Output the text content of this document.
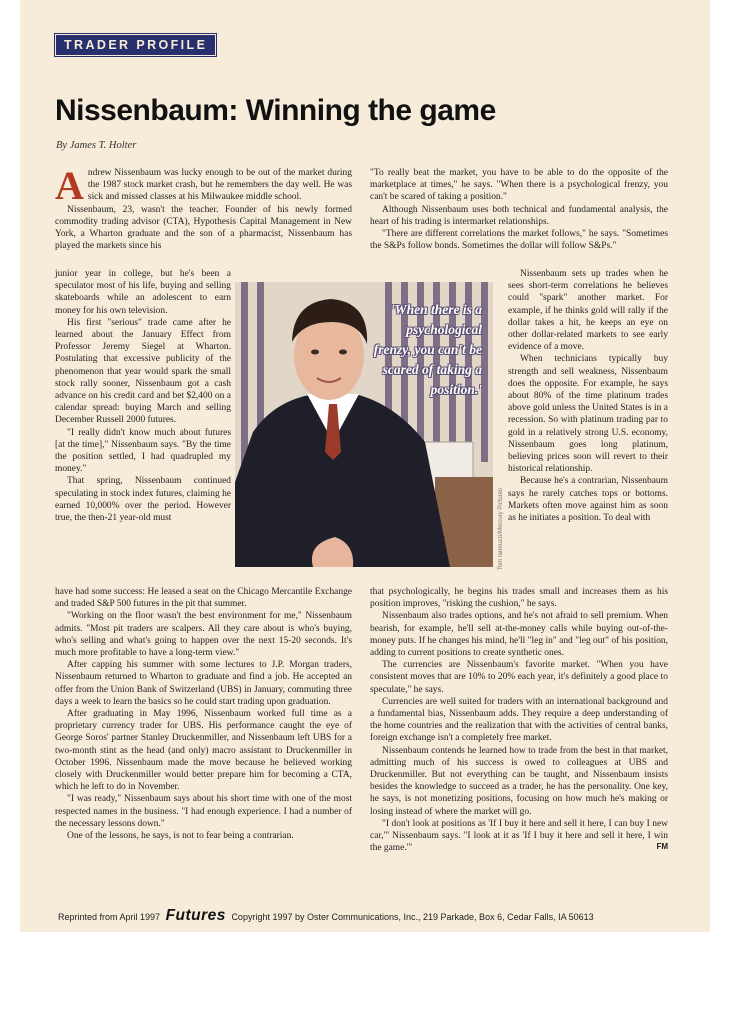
TRADER PROFILE
Nissenbaum: Winning the game
By James T. Holter

Andrew Nissenbaum was lucky enough to be out of the market during the 1987 stock market crash, but he remembers the day well. He was sick and missed classes at his Milwaukee middle school.

Nissenbaum, 23, wasn't the teacher. Founder of his newly formed commodity trading advisor (CTA), Hypothesis Capital Management in New York, a Wharton graduate and the son of a pharmacist, Nissenbaum has played the markets since his

junior year in college, but he's been a speculator most of his life, buying and selling skateboards while an adolescent to earn money for his own television.

His first "serious" trade came after he learned about the January Effect from Professor Jeremy Siegel at Wharton. Postulating that excessive publicity of the phenomenon that year would spark the small stock rally sooner, Nissenbaum got a cash advance on his credit card and bet $2,400 on a calendar spread: buying March and selling December Russell 2000 futures.

"I really didn't know much about futures [at the time]," Nissenbaum says. "By the time the position settled, I had quadrupled my money."

That spring, Nissenbaum continued speculating in stock index futures, claiming he earned 10,000% over the period. However true, the then-21 year-old must

have had some success: He leased a seat on the Chicago Mercantile Exchange and traded S&P 500 futures in the pit that summer.

"Working on the floor wasn't the best environment for me," Nissenbaum admits. "Most pit traders are scalpers. All they care about is who's buying, who's selling and what's going to happen over the next 15-20 seconds. It's much more profitable to have a long-term view."

After capping his summer with some lectures to J.P. Morgan traders, Nissenbaum returned to Wharton to graduate and find a job. He accepted an offer from the Union Bank of Switzerland (UBS) in January, commuting three days a week to learn the basics so he could start trading upon graduation.

After graduating in May 1996, Nissenbaum worked full time as a proprietary currency trader for UBS. His performance caught the eye of George Soros' partner Stanley Druckenmiller, and Nissenbaum left UBS for a two-month stint as the head (and only) macro assistant to Druckenmiller in October 1996. Nissenbaum made the move because he believed working closely with Druckenmiller would better prepare him for becoming a CTA, which he left to do in November.

"I was ready," Nissenbaum says about his short time with one of the most respected names in the business. "I had enough experience. I had a number of the necessary lessons down."

One of the lessons, he says, is not to fear being a contrarian.

"To really beat the market, you have to be able to do the opposite of the marketplace at times," he says. "When there is a psychological frenzy, you can't be scared of taking a position."

Although Nissenbaum uses both technical and fundamental analysis, the heart of his trading is intermarket relationships.

"There are different correlations the market follows," he says. "Sometimes the S&Ps follow bonds. Sometimes the dollar will follow S&Ps."

Nissenbaum sets up trades when he sees short-term correlations he believes could "spark" another market. For example, if he thinks gold will rally if the dollar takes a hit, he keeps an eye on other dollar-related markets to see early evidence of a move.

When technicians typically buy strength and sell weakness, Nissenbaum does the opposite. For example, he says about 80% of the time platinum trades above gold unless the United States is in a recession. So with platinum trading par to gold in a relatively strong U.S. economy, Nissenbaum goes long platinum, believing prices soon will revert to their historical relationship.

Because he's a contrarian, Nissenbaum says he rarely catches tops or bottoms. Markets often move against him as soon as he initiates a position. To deal with

that psychologically, he begins his trades small and increases them as his position improves, "risking the cushion," he says.

Nissenbaum also trades options, and he's not afraid to sell premium. When bearish, for example, he'll sell at-the-money calls while buying out-of-the-money puts. If he changes his mind, he'll "leg in" and "leg out" of his position, adding to current positions to create synthetic ones.

The currencies are Nissenbaum's favorite market. "When you have consistent moves that are 10% to 20% each year, it's definitely a good place to speculate," he says.

Currencies are well suited for traders with an international background and a fundamental bias, Nissenbaum adds. They require a deep understanding of the home countries and the realization that with the activities of central banks, foreign exchange isn't a completely free market.

Nissenbaum contends he learned how to trade from the best in that market, admitting much of his success is owed to colleagues at UBS and Druckenmiller. But not everything can be taught, and Nissenbaum insists besides the knowledge to succeed as a trader, he has the personality. One key, he says, is not monetizing positions, focusing on how much he's making or losing instead of where the market will go.

"I don't look at positions as 'If I buy it here and sell it here, I can buy I new car,'" Nissenbaum says. "I look at it as 'If I buy it here and sell it here, I win the game.'"	FM

'When there is a psychological frenzy, you can't be scared of taking a position.'
Tom Iannuzzi/Mercury Pictures
Reprinted from April 1997 Futures Copyright 1997 by Oster Communications, Inc., 219 Parkade, Box 6, Cedar Falls, IA 50613
